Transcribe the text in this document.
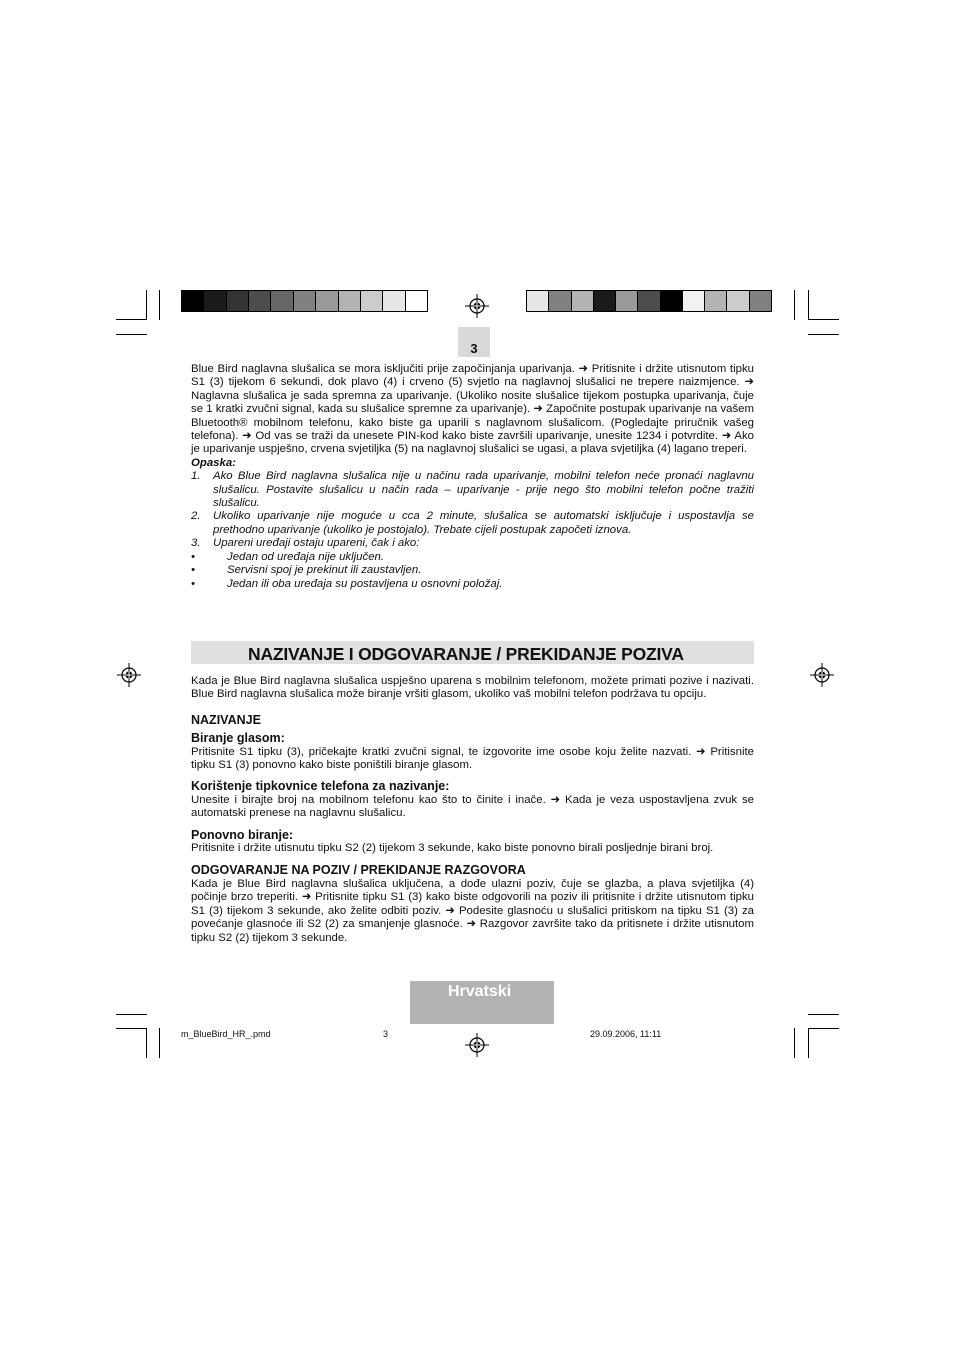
3

Blue Bird naglavna slušalica se mora isključiti prije započinjanja uparivanja. ➜ Pritisnite i držite utisnutom tipku S1 (3) tijekom 6 sekundi, dok plavo (4) i crveno (5) svjetlo na naglavnoj slušalici ne trepere naizmjence. ➜ Naglavna slušalica je sada spremna za uparivanje. (Ukoliko nosite slušalice tijekom postupka uparivanja, čuje se 1 kratki zvučni signal, kada su slušalice spremne za uparivanje). ➜ Započnite postupak uparivanje na vašem Bluetooth® mobilnom telefonu, kako biste ga uparili s naglavnom slušalicom. (Pogledajte priručnik vašeg telefona). ➜ Od vas se traži da unesete PIN-kod kako biste završili uparivanje, unesite 1234 i potvrdite. ➜ Ako je uparivanje uspješno, crvena svjetiljka (5) na naglavnoj slušalici se ugasi, a plava svjetiljka (4) lagano treperi.

Opaska:

1. Ako Blue Bird naglavna slušalica nije u načinu rada uparivanje, mobilni telefon neće pronaći naglavnu slušalicu. Postavite slušalicu u način rada – uparivanje - prije nego što mobilni telefon počne tražiti slušalicu.
2. Ukoliko uparivanje nije moguće u cca 2 minute, slušalica se automatski isključuje i uspostavlja se prethodno uparivanje (ukoliko je postojalo). Trebate cijeli postupak započeti iznova.
3. Upareni uređaji ostaju upareni, čak i ako:
• Jedan od uređaja nije uključen.
• Servisni spoj je prekinut ili zaustavljen.
• Jedan ili oba uređaja su postavljena u osnovni položaj.
NAZIVANJE I ODGOVARANJE / PREKIDANJE POZIVA

Kada je Blue Bird naglavna slušalica uspješno uparena s mobilnim telefonom, možete primati pozive i nazivati. Blue Bird naglavna slušalica može biranje vršiti glasom, ukoliko vaš mobilni telefon podržava tu opciju.

NAZIVANJE

Biranje glasom:

Pritisnite S1 tipku (3), pričekajte kratki zvučni signal, te izgovorite ime osobe koju želite nazvati. ➜ Pritisnite tipku S1 (3) ponovno kako biste poništili biranje glasom.

Korištenje tipkovnice telefona za nazivanje:

Unesite i birajte broj na mobilnom telefonu kao što to činite i inače. ➜ Kada je veza uspostavljena zvuk se automatski prenese na naglavnu slušalicu.

Ponovno biranje:

Pritisnite i držite utisnutu tipku S2 (2) tijekom 3 sekunde, kako biste ponovno birali posljednje birani broj.

ODGOVARANJE NA POZIV / PREKIDANJE RAZGOVORA

Kada je Blue Bird naglavna slušalica uključena, a dođe ulazni poziv, čuje se glazba, a plava svjetiljka (4) počinje brzo treperiti. ➜ Pritisnite tipku S1 (3) kako biste odgovorili na poziv ili pritisnite i držite utisnutom tipku S1 (3) tijekom 3 sekunde, ako želite odbiti poziv. ➜ Podesite glasnoću u slušalici pritiskom na tipku S1 (3) za povećanje glasnoće ili S2 (2) za smanjenje glasnoće. ➜ Razgovor završite tako da pritisnete i držite utisnutom tipku S2 (2) tijekom 3 sekunde.

Hrvatski
m_BlueBird_HR_.pmd	3	29.09.2006, 11:11
